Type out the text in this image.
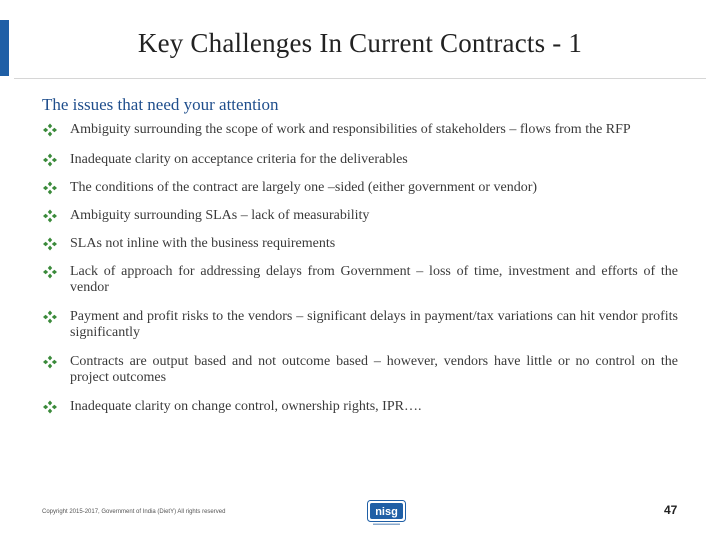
Key Challenges In Current Contracts - 1
The issues that need your attention
Ambiguity surrounding the scope of work and responsibilities of stakeholders – flows from the RFP
Inadequate clarity on acceptance criteria for the deliverables
The conditions of the contract are largely one –sided (either government or vendor)
Ambiguity surrounding SLAs – lack of measurability
SLAs not inline with the business requirements
Lack of approach for addressing delays from Government – loss of time, investment and efforts of the vendor
Payment and profit risks to the vendors – significant delays in payment/tax variations can hit vendor profits significantly
Contracts are output based and not outcome based – however, vendors have little or no control on the project outcomes
Inadequate clarity on change control, ownership rights, IPR….
Copyright 2015-2017, Government of India (DietY) All rights reserved	nisg	47
